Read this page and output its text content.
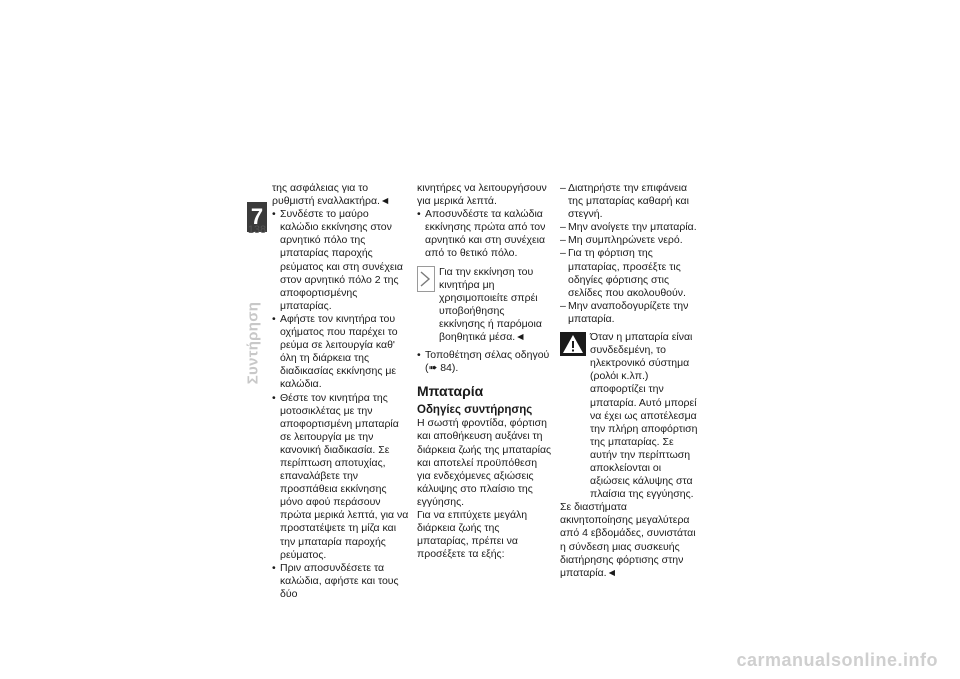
7
138
Συντήρηση

της ασφάλειας για το ρυθμιστή εναλλακτήρα.◄

• Συνδέστε το μαύρο καλώδιο εκκίνησης στον αρνητικό πόλο της μπαταρίας παροχής ρεύματος και στη συνέχεια στον αρνητικό πόλο 2 της αποφορτισμένης μπαταρίας.
• Αφήστε τον κινητήρα του οχήματος που παρέχει το ρεύμα σε λειτουργία καθ' όλη τη διάρκεια της διαδικασίας εκκίνησης με καλώδια.
• Θέστε τον κινητήρα της μοτοσικλέτας με την αποφορτισμένη μπαταρία σε λειτουργία με την κανονική διαδικασία. Σε περίπτωση αποτυχίας, επαναλάβετε την προσπάθεια εκκίνησης μόνο αφού περάσουν πρώτα μερικά λεπτά, για να προστατέψετε τη μίζα και την μπαταρία παροχής ρεύματος.
• Πριν αποσυνδέσετε τα καλώδια, αφήστε και τους δύο

κινητήρες να λειτουργήσουν για μερικά λεπτά.

• Αποσυνδέστε τα καλώδια εκκίνησης πρώτα από τον αρνητικό και στη συνέχεια από το θετικό πόλο.

Για την εκκίνηση του κινητήρα μη χρησιμοποιείτε σπρέι υποβοήθησης εκκίνησης ή παρόμοια βοηθητικά μέσα.◄

• Τοποθέτηση σέλας οδηγού (➠ 84).

Μπαταρία

Οδηγίες συντήρησης

Η σωστή φροντίδα, φόρτιση και αποθήκευση αυξάνει τη διάρκεια ζωής της μπαταρίας και αποτελεί προϋπόθεση για ενδεχόμενες αξιώσεις κάλυψης στο πλαίσιο της εγγύησης.

Για να επιτύχετε μεγάλη διάρκεια ζωής της μπαταρίας, πρέπει να προσέξετε τα εξής:

– Διατηρήστε την επιφάνεια της μπαταρίας καθαρή και στεγνή.
– Μην ανοίγετε την μπαταρία.
– Μη συμπληρώνετε νερό.
– Για τη φόρτιση της μπαταρίας, προσέξτε τις οδηγίες φόρτισης στις σελίδες που ακολουθούν.
– Μην αναποδογυρίζετε την μπαταρία.

Όταν η μπαταρία είναι συνδεδεμένη, το ηλεκτρονικό σύστημα (ρολόι κ.λπ.) αποφορτίζει την μπαταρία. Αυτό μπορεί να έχει ως αποτέλεσμα την πλήρη αποφόρτιση της μπαταρίας. Σε αυτήν την περίπτωση αποκλείονται οι αξιώσεις κάλυψης στα πλαίσια της εγγύησης.

Σε διαστήματα ακινητοποίησης μεγαλύτερα από 4 εβδομάδες, συνιστάται η σύνδεση μιας συσκευής διατήρησης φόρτισης στην μπαταρία.◄

carmanualsonline.info
